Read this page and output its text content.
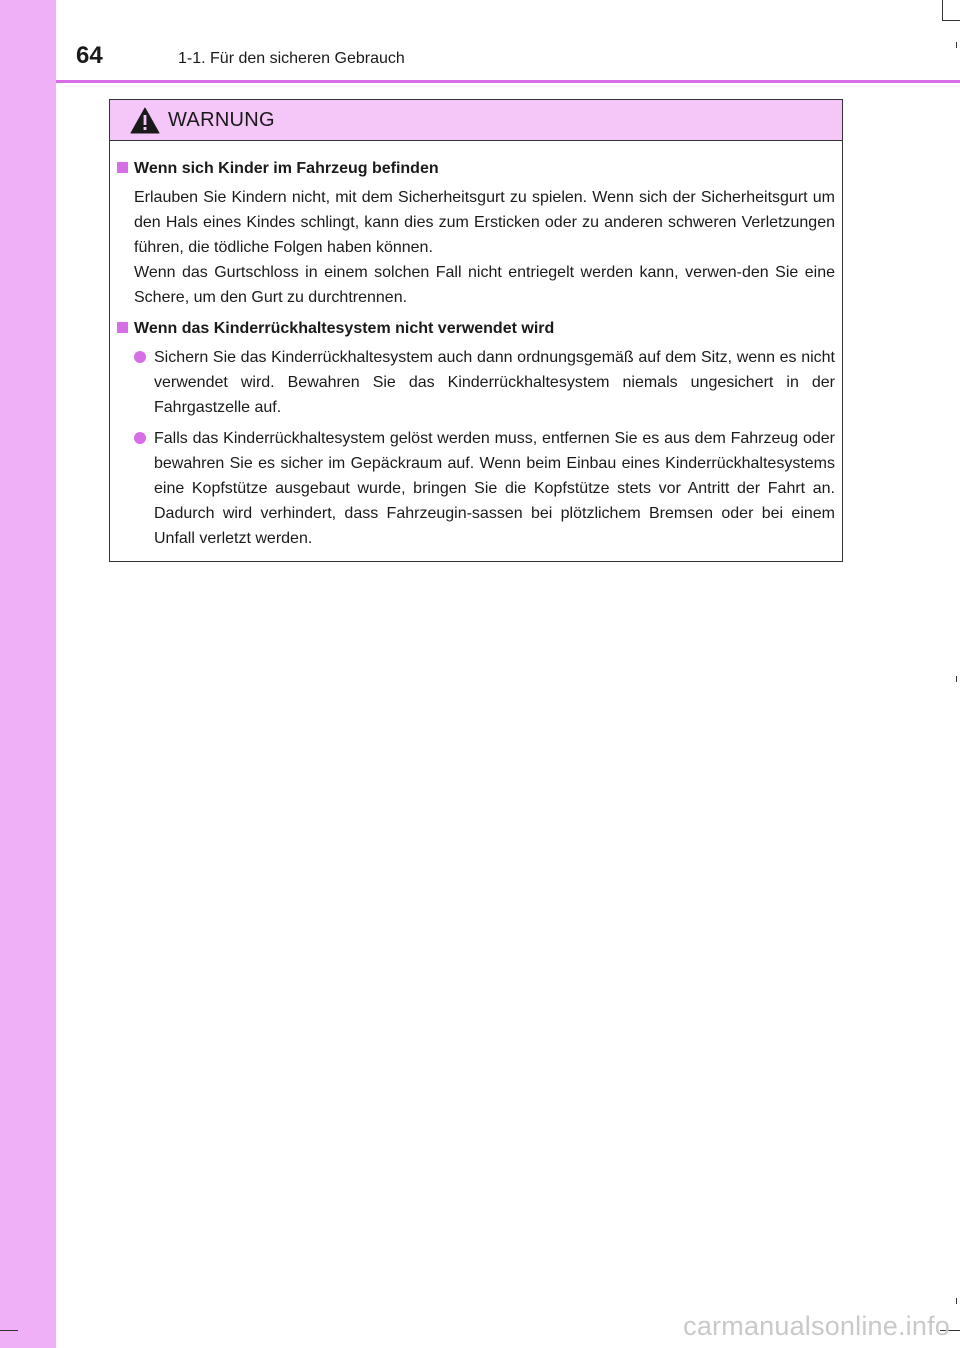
64	1-1. Für den sicheren Gebrauch
WARNUNG
Wenn sich Kinder im Fahrzeug befinden
Erlauben Sie Kindern nicht, mit dem Sicherheitsgurt zu spielen. Wenn sich der Sicherheitsgurt um den Hals eines Kindes schlingt, kann dies zum Ersticken oder zu anderen schweren Verletzungen führen, die tödliche Folgen haben können.
Wenn das Gurtschloss in einem solchen Fall nicht entriegelt werden kann, verwen-den Sie eine Schere, um den Gurt zu durchtrennen.
Wenn das Kinderrückhaltesystem nicht verwendet wird
Sichern Sie das Kinderrückhaltesystem auch dann ordnungsgemäß auf dem Sitz, wenn es nicht verwendet wird. Bewahren Sie das Kinderrückhaltesystem niemals ungesichert in der Fahrgastzelle auf.
Falls das Kinderrückhaltesystem gelöst werden muss, entfernen Sie es aus dem Fahrzeug oder bewahren Sie es sicher im Gepäckraum auf. Wenn beim Einbau eines Kinderrückhaltesystems eine Kopfstütze ausgebaut wurde, bringen Sie die Kopfstütze stets vor Antritt der Fahrt an. Dadurch wird verhindert, dass Fahrzeugin-sassen bei plötzlichem Bremsen oder bei einem Unfall verletzt werden.
carmanualsonline.info
